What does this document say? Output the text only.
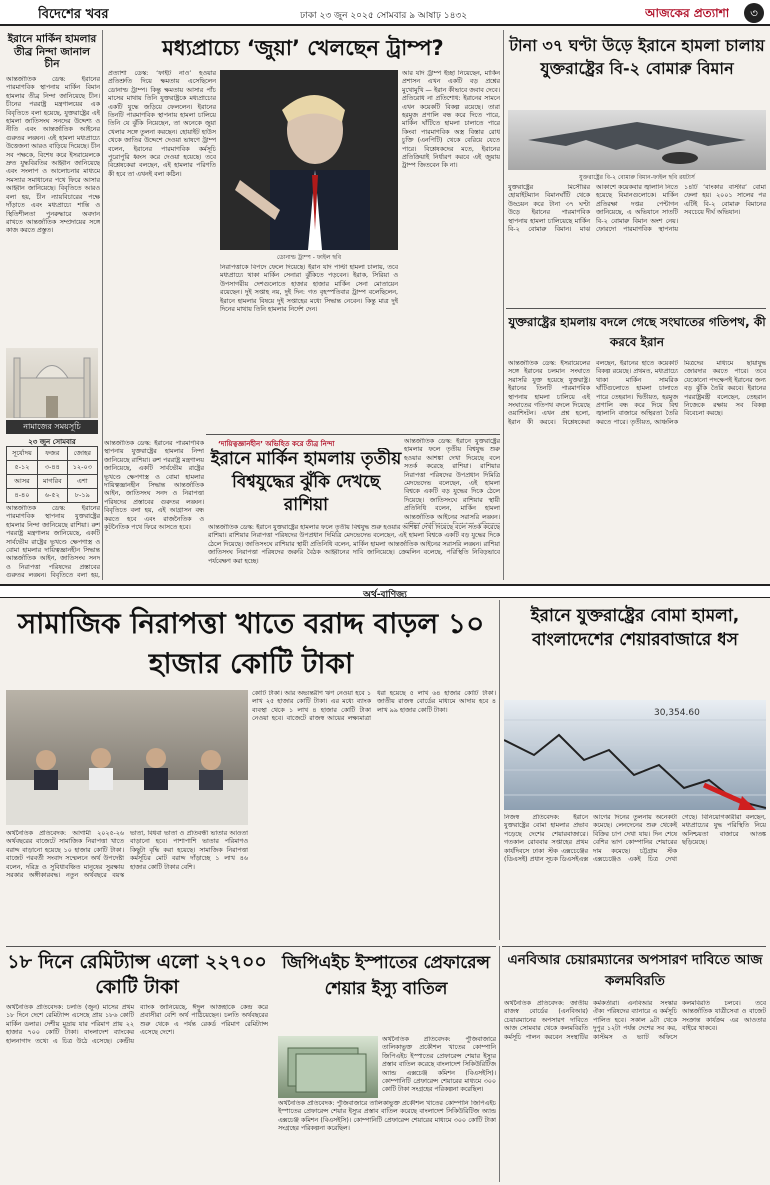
বিদেশের খবর	ঢাকা ২৩ জুন ২০২৫ সোমবার ৯ আষাঢ় ১৪৩২	আজকের প্রত্যাশা	৩
ইরানে মার্কিন হামলার তীব্র নিন্দা জানাল চীন
আন্তর্জাতিক ডেস্ক: ইরানের পারমাণবিক স্থাপনায় মার্কিন বিমান হামলার তীব্র নিন্দা জানিয়েছে চীন। চীনের পররাষ্ট্র মন্ত্রণালয়ের এক বিবৃতিতে বলা হয়েছে, যুক্তরাষ্ট্রের এই হামলা জাতিসংঘ সনদের উদ্দেশ্য ও নীতি এবং আন্তর্জাতিক আইনের গুরুতর লঙ্ঘন। এই হামলা মধ্যপ্রাচ্যে উত্তেজনা আরও বাড়িয়ে দিয়েছে। চীন সব পক্ষকে, বিশেষ করে ইসরায়েলকে দ্রুত যুদ্ধবিরতির আহ্বান জানিয়েছে এবং সংলাপ ও আলোচনার মাধ্যমে সমস্যার সমাধানের পথে ফিরে আসার আহ্বান জানিয়েছে। বিবৃতিতে আরও বলা হয়, চীন ন্যায়বিচারের পক্ষে দাঁড়াতে এবং মধ্যপ্রাচ্যে শান্তি ও স্থিতিশীলতা পুনরুদ্ধারে অবদান রাখতে আন্তর্জাতিক সম্প্রদায়ের সঙ্গে কাজ করতে প্রস্তুত।
আন্তর্জাতিক ডেস্ক: ইরানের পারমাণবিক স্থাপনায় যুক্তরাষ্ট্রের হামলার নিন্দা জানিয়েছে রাশিয়া। রুশ পররাষ্ট্র মন্ত্রণালয় জানিয়েছে, একটি সার্বভৌম রাষ্ট্রের ভূখণ্ডে ক্ষেপণাস্ত্র ও বোমা হামলার দায়িত্বজ্ঞানহীন সিদ্ধান্ত আন্তর্জাতিক আইন, জাতিসংঘ সনদ ও নিরাপত্তা পরিষদের প্রস্তাবের গুরুতর লঙ্ঘন। বিবৃতিতে বলা হয়, এই আগ্রাসন বন্ধ করতে হবে এবং রাজনৈতিক ও কূটনৈতিক পথে ফিরে আসতে হবে।
নামাজের সময়সূচি
২৩ জুন সোমবার
সূর্যোদয়	ফজর	জোহর
৫-১২	৩-৪৪	১২-০৩
আসর	মাগরিব	এশা
৪-৪০	৬-৫২	৮-১৯
আন্তর্জাতিক ডেস্ক: ইরানের পারমাণবিক স্থাপনায় যুক্তরাষ্ট্রের হামলার নিন্দা জানিয়েছে রাশিয়া। রুশ পররাষ্ট্র মন্ত্রণালয় জানিয়েছে, একটি সার্বভৌম রাষ্ট্রের ভূখণ্ডে ক্ষেপণাস্ত্র ও বোমা হামলার দায়িত্বজ্ঞানহীন সিদ্ধান্ত আন্তর্জাতিক আইন, জাতিসংঘ সনদ ও নিরাপত্তা পরিষদের প্রস্তাবের গুরুতর লঙ্ঘন। বিবৃতিতে বলা হয়,
মধ্যপ্রাচ্যে ‘জুয়া’ খেলছেন ট্রাম্প?
প্রত্যাশা ডেস্ক: ‘ফাইট নাও’ হওয়ার প্রতিশ্রুতি দিয়ে ক্ষমতায় এসেছিলেন ডোনাল্ড ট্রাম্প। কিন্তু ক্ষমতায় আসার পাঁচ মাসের মাথায় তিনি যুক্তরাষ্ট্রকে মধ্যপ্রাচ্যের একটি যুদ্ধে জড়িয়ে ফেললেন। ইরানের তিনটি পারমাণবিক স্থাপনায় হামলা চালিয়ে তিনি যে ঝুঁকি নিয়েছেন, তা অনেকে জুয়া খেলার সঙ্গে তুলনা করছেন। হোয়াইট হাউস থেকে জাতির উদ্দেশে দেওয়া ভাষণে ট্রাম্প বলেন, ইরানের পারমাণবিক কর্মসূচি পুরোপুরি ধ্বংস করে দেওয়া হয়েছে। তবে বিশ্লেষকেরা বলছেন, এই হামলার পরিণতি কী হবে তা এখনই বলা কঠিন।
ডোনাল্ড ট্রাম্প - ফাইল ছবি
নিরাপত্তাকে বিপদে ফেলে দিয়েছে। ইরান যদি পাল্টা হামলা চালায়, তবে মধ্যপ্রাচ্যে থাকা মার্কিন সেনারা ঝুঁকিতে পড়বেন। ইরাক, সিরিয়া ও উপসাগরীয় দেশগুলোতে হাজার হাজার মার্কিন সেনা মোতায়েন রয়েছেন। দুই সপ্তাহ নয়, দুই দিন: গত বৃহস্পতিবার ট্রাম্প বলেছিলেন, ইরানে হামলার বিষয়ে দুই সপ্তাহের মধ্যে সিদ্ধান্ত নেবেন। কিন্তু মাত্র দুই দিনের মাথায় তিনি হামলার নির্দেশ দেন।
আর যদি ট্রাম্প ইচ্ছা নিয়েছেন, মার্কিন প্রশাসন এখন একটি বড় প্রশ্নের মুখোমুখি — ইরান কীভাবে জবাব দেবে। প্রতিরোধ না প্রতিশোধ: ইরানের সামনে এখন কয়েকটি বিকল্প রয়েছে। তারা হরমুজ প্রণালি বন্ধ করে দিতে পারে, মার্কিন ঘাঁটিতে হামলা চালাতে পারে কিংবা পারমাণবিক অস্ত্র বিস্তার রোধ চুক্তি (এনপিটি) থেকে বেরিয়ে যেতে পারে। বিশ্লেষকদের মতে, ইরানের প্রতিক্রিয়াই নির্ধারণ করবে এই জুয়ায় ট্রাম্প জিতবেন কি না।
‘দায়িত্বজ্ঞানহীন’ অভিহিত করে তীব্র নিন্দা
ইরানে মার্কিন হামলায় তৃতীয় বিশ্বযুদ্ধের ঝুঁকি দেখছে রাশিয়া
আন্তর্জাতিক ডেস্ক: ইরানে যুক্তরাষ্ট্রের হামলার ফলে তৃতীয় বিশ্বযুদ্ধ শুরু হওয়ার আশঙ্কা দেখা দিয়েছে বলে সতর্ক করেছে রাশিয়া। রাশিয়ার নিরাপত্তা পরিষদের উপপ্রধান দিমিত্রি মেদভেদেভ বলেছেন, এই হামলা বিশ্বকে একটি বড় যুদ্ধের দিকে ঠেলে দিয়েছে। জাতিসংঘে রাশিয়ার স্থায়ী প্রতিনিধি বলেন, মার্কিন হামলা আন্তর্জাতিক আইনের সরাসরি লঙ্ঘন। রাশিয়া জাতিসংঘ নিরাপত্তা পরিষদের জরুরি বৈঠক আহ্বানের দাবি জানিয়েছে। ক্রেমলিন বলেছে, পরিস্থিতি নিবিড়ভাবে পর্যবেক্ষণ করা হচ্ছে।
আন্তর্জাতিক ডেস্ক: ইরানে যুক্তরাষ্ট্রের হামলার ফলে তৃতীয় বিশ্বযুদ্ধ শুরু হওয়ার আশঙ্কা দেখা দিয়েছে বলে সতর্ক করেছে রাশিয়া। রাশিয়ার নিরাপত্তা পরিষদের উপপ্রধান দিমিত্রি মেদভেদেভ বলেছেন, এই হামলা বিশ্বকে একটি বড় যুদ্ধের দিকে ঠেলে দিয়েছে। জাতিসংঘে রাশিয়ার স্থায়ী প্রতিনিধি বলেন, মার্কিন হামলা আন্তর্জাতিক আইনের সরাসরি লঙ্ঘন।
টানা ৩৭ ঘণ্টা উড়ে ইরানে হামলা চালায় যুক্তরাষ্ট্রের বি-২ বোমারু বিমান
যুক্তরাষ্ট্রের বি-২ বোমারু বিমান-ফাইল ছবি রয়টার্স
যুক্তরাষ্ট্রের মিসৌরির হোয়াইটম্যান বিমানঘাঁটি থেকে উড্ডয়ন করে টানা ৩৭ ঘণ্টা উড়ে ইরানের পারমাণবিক স্থাপনায় হামলা চালিয়েছে মার্কিন বি-২ বোমারু বিমান। মাঝ আকাশে কয়েকবার জ্বালানি নিতে হয়েছে বিমানগুলোকে। মার্কিন প্রতিরক্ষা দপ্তর পেন্টাগন জানিয়েছে, এ অভিযানে সাতটি বি-২ বোমারু বিমান অংশ নেয়। ফোরদো পারমাণবিক স্থাপনায় ১৪টি ‘বাংকার বাস্টার’ বোমা ফেলা হয়। ২০০১ সালের পর এটিই বি-২ বোমারু বিমানের সবচেয়ে দীর্ঘ অভিযান।
যুক্তরাষ্ট্রের হামলায় বদলে গেছে সংঘাতের গতিপথ, কী করবে ইরান
আন্তর্জাতিক ডেস্ক: ইসরায়েলের সঙ্গে ইরানের চলমান সংঘাতে সরাসরি যুক্ত হয়েছে যুক্তরাষ্ট্র। ইরানের তিনটি পারমাণবিক স্থাপনায় হামলা চালিয়ে এই সংঘাতের গতিপথ বদলে দিয়েছে ওয়াশিংটন। এখন প্রশ্ন হলো, ইরান কী করবে। বিশ্লেষকেরা বলছেন, ইরানের হাতে কয়েকটি বিকল্প রয়েছে। প্রথমত, মধ্যপ্রাচ্যে থাকা মার্কিন সামরিক ঘাঁটিগুলোতে হামলা চালাতে পারে তেহরান। দ্বিতীয়ত, হরমুজ প্রণালি বন্ধ করে দিয়ে বিশ্ব জ্বালানি বাজারে অস্থিরতা তৈরি করতে পারে। তৃতীয়ত, আঞ্চলিক মিত্রদের মাধ্যমে ছায়াযুদ্ধ জোরদার করতে পারে। তবে যেকোনো পদক্ষেপই ইরানের জন্য বড় ঝুঁকি তৈরি করবে। ইরানের পররাষ্ট্রমন্ত্রী বলেছেন, তেহরান নিজেকে রক্ষায় সব বিকল্প বিবেচনা করছে।
অর্থ-বাণিজ্য
সামাজিক নিরাপত্তা খাতে বরাদ্দ বাড়ল ১০ হাজার কোটি টাকা
অর্থনৈতিক প্রতিবেদক: আগামী ২০২৫-২৬ অর্থবছরের বাজেটে সামাজিক নিরাপত্তা খাতে বরাদ্দ বাড়ানো হয়েছে ১০ হাজার কোটি টাকা। বাজেট পরবর্তী সংবাদ সম্মেলনে অর্থ উপদেষ্টা বলেন, দরিদ্র ও সুবিধাবঞ্চিত মানুষের সুরক্ষায় সরকার অঙ্গীকারবদ্ধ। নতুন অর্থবছরে বয়স্ক ভাতা, বিধবা ভাতা ও প্রতিবন্ধী ভাতার আওতা বাড়ানো হবে। পাশাপাশি ভাতার পরিমাণও কিছুটা বৃদ্ধি করা হয়েছে। সামাজিক নিরাপত্তা কর্মসূচির মোট বরাদ্দ দাঁড়াচ্ছে ১ লাখ ৪৬ হাজার কোটি টাকার বেশি।
কোটি টাকা। আর অভ্যন্তরীণ ঋণ নেওয়া হবে ১ লাখ ২৫ হাজার কোটি টাকা। এর মধ্যে ব্যাংক ব্যবস্থা থেকে ১ লাখ ৪ হাজার কোটি টাকা নেওয়া হবে। বাজেটে রাজস্ব আয়ের লক্ষ্যমাত্রা ধরা হয়েছে ৫ লাখ ৬৪ হাজার কোটি টাকা। জাতীয় রাজস্ব বোর্ডের মাধ্যমে আদায় হবে ৪ লাখ ৯৯ হাজার কোটি টাকা।
ইরানে যুক্তরাষ্ট্রের বোমা হামলা, বাংলাদেশের শেয়ারবাজারে ধস
30,354.60
নিজস্ব প্রতিবেদক: ইরানে যুক্তরাষ্ট্রের বোমা হামলার প্রভাব পড়েছে দেশের শেয়ারবাজারে। গতকাল রোববার সপ্তাহের প্রথম কার্যদিবসে ঢাকা স্টক এক্সচেঞ্জের (ডিএসই) প্রধান সূচক ডিএসইএক্স আগের দিনের তুলনায় অনেকটা কমেছে। লেনদেনের শুরু থেকেই বিক্রির চাপ দেখা যায়। দিন শেষে বেশির ভাগ কোম্পানির শেয়ারের দাম কমেছে। চট্টগ্রাম স্টক এক্সচেঞ্জেও একই চিত্র দেখা গেছে। বিনিয়োগকারীরা বলছেন, মধ্যপ্রাচ্যের যুদ্ধ পরিস্থিতি নিয়ে অনিশ্চয়তা বাজারে আতঙ্ক ছড়িয়েছে।
১৮ দিনে রেমিট্যান্স এলো ২২৭০০ কোটি টাকা
অর্থনৈতিক প্রতিবেদক: চলতি (জুন) মাসের প্রথম ১৮ দিনে দেশে রেমিট্যান্স এসেছে প্রায় ১৮৬ কোটি মার্কিন ডলার। দেশীয় মুদ্রায় যার পরিমাণ প্রায় ২২ হাজার ৭০০ কোটি টাকা। বাংলাদেশ ব্যাংকের হালনাগাদ তথ্যে এ চিত্র উঠে এসেছে। কেন্দ্রীয় ব্যাংক জানিয়েছে, ঈদুল আজহাকে কেন্দ্র করে প্রবাসীরা বেশি অর্থ পাঠিয়েছেন। চলতি অর্থবছরের শুরু থেকে এ পর্যন্ত রেকর্ড পরিমাণ রেমিট্যান্স এসেছে দেশে।
জিপিএইচ ইস্পাতের প্রেফারেন্স শেয়ার ইস্যু বাতিল
অর্থনৈতিক প্রতিবেদক: পুঁজিবাজারে তালিকাভুক্ত প্রকৌশল খাতের কোম্পানি জিপিএইচ ইস্পাতের প্রেফারেন্স শেয়ার ইস্যুর প্রস্তাব বাতিল করেছে বাংলাদেশ সিকিউরিটিজ অ্যান্ড এক্সচেঞ্জ কমিশন (বিএসইসি)। কোম্পানিটি প্রেফারেন্স শেয়ারের মাধ্যমে ৩০০ কোটি টাকা সংগ্রহের পরিকল্পনা করেছিল।
অর্থনৈতিক প্রতিবেদক: পুঁজিবাজারে তালিকাভুক্ত প্রকৌশল খাতের কোম্পানি জিপিএইচ ইস্পাতের প্রেফারেন্স শেয়ার ইস্যুর প্রস্তাব বাতিল করেছে বাংলাদেশ সিকিউরিটিজ অ্যান্ড এক্সচেঞ্জ কমিশন (বিএসইসি)। কোম্পানিটি প্রেফারেন্স শেয়ারের মাধ্যমে ৩০০ কোটি টাকা সংগ্রহের পরিকল্পনা করেছিল।
এনবিআর চেয়ারম্যানের অপসারণ দাবিতে আজ কলমবিরতি
অর্থনৈতিক প্রতিবেদক: জাতীয় রাজস্ব বোর্ডের (এনবিআর) চেয়ারম্যানের অপসারণ দাবিতে আজ সোমবার থেকে কলমবিরতি কর্মসূচি পালন করবেন সংস্থাটির কর্মকর্তারা। এনবিআর সংস্কার ঐক্য পরিষদের ব্যানারে এ কর্মসূচি পালিত হবে। সকাল ৯টা থেকে দুপুর ১২টা পর্যন্ত দেশের সব কর, কাস্টমস ও ভ্যাট অফিসে কলমবিরতি চলবে। তবে আন্তর্জাতিক যাত্রীসেবা ও বাজেট সংক্রান্ত কার্যক্রম এর আওতার বাইরে থাকবে।
